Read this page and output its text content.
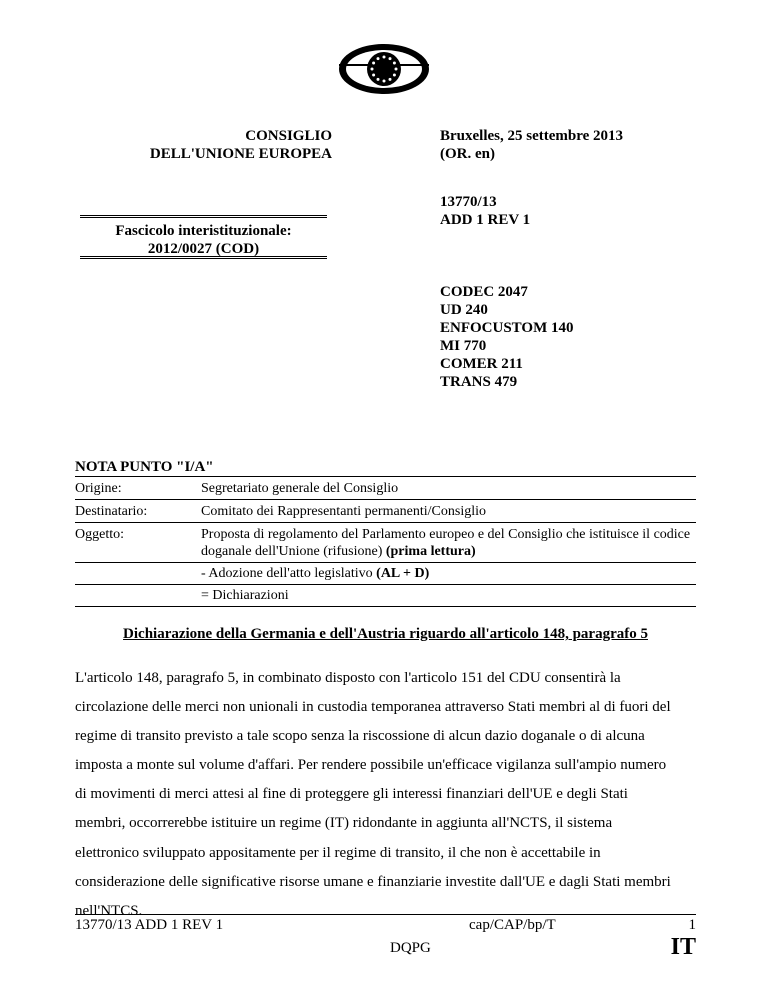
CONSIGLIO
DELL'UNIONE EUROPEA
Bruxelles, 25 settembre 2013
(OR. en)
13770/13
ADD 1 REV 1
Fascicolo interistituzionale:
2012/0027 (COD)
CODEC 2047
UD 240
ENFOCUSTOM 140
MI 770
COMER 211
TRANS 479
NOTA PUNTO "I/A"
Origine:	Segretariato generale del Consiglio
Destinatario:	Comitato dei Rappresentanti permanenti/Consiglio
Oggetto:	Proposta di regolamento del Parlamento europeo e del Consiglio che istituisce il codice doganale dell'Unione (rifusione) (prima lettura)
- Adozione dell'atto legislativo (AL + D)
= Dichiarazioni
Dichiarazione della Germania e dell'Austria riguardo all'articolo 148, paragrafo 5
L'articolo 148, paragrafo 5, in combinato disposto con l'articolo 151 del CDU consentirà la
circolazione delle merci non unionali in custodia temporanea attraverso Stati membri al di fuori del
regime di transito previsto a tale scopo senza la riscossione di alcun dazio doganale o di alcuna
imposta a monte sul volume d'affari. Per rendere possibile un'efficace vigilanza sull'ampio numero
di movimenti di merci attesi al fine di proteggere gli interessi finanziari dell'UE e degli Stati
membri, occorrerebbe istituire un regime (IT) ridondante in aggiunta all'NCTS, il sistema
elettronico sviluppato appositamente per il regime di transito, il che non è accettabile in
considerazione delle significative risorse umane e finanziarie investite dall'UE e dagli Stati membri
nell'NTCS.
13770/13 ADD 1 REV 1	cap/CAP/bp/T	1
DQPG	IT
